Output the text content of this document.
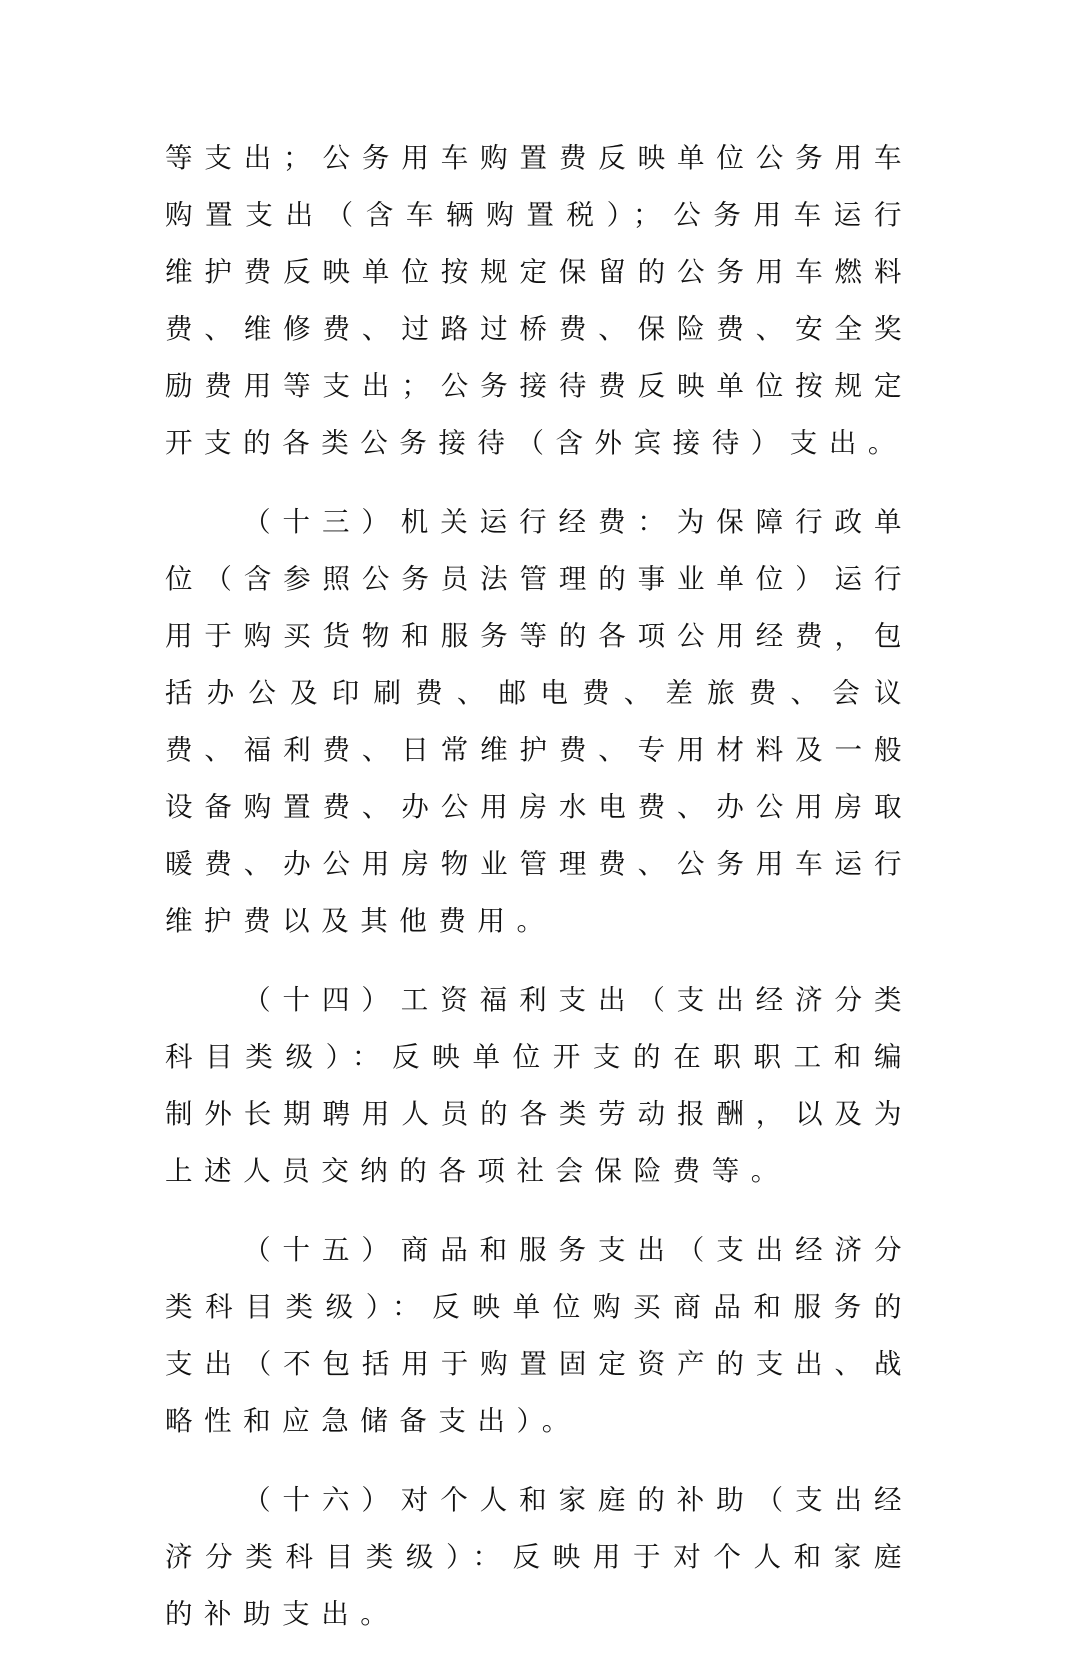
等支出；公务用车购置费反映单位公务用车购置支出（含车辆购置税）；公务用车运行维护费反映单位按规定保留的公务用车燃料费、维修费、过路过桥费、保险费、安全奖励费用等支出；公务接待费反映单位按规定开支的各类公务接待（含外宾接待）支出。

（十三）机关运行经费：为保障行政单位（含参照公务员法管理的事业单位）运行用于购买货物和服务等的各项公用经费，包括办公及印刷费、邮电费、差旅费、会议费、福利费、日常维护费、专用材料及一般设备购置费、办公用房水电费、办公用房取暖费、办公用房物业管理费、公务用车运行维护费以及其他费用。

（十四）工资福利支出（支出经济分类科目类级）：反映单位开支的在职职工和编制外长期聘用人员的各类劳动报酬，以及为上述人员交纳的各项社会保险费等。

（十五）商品和服务支出（支出经济分类科目类级）：反映单位购买商品和服务的支出（不包括用于购置固定资产的支出、战略性和应急储备支出）。

（十六）对个人和家庭的补助（支出经济分类科目类级）：反映用于对个人和家庭的补助支出。
